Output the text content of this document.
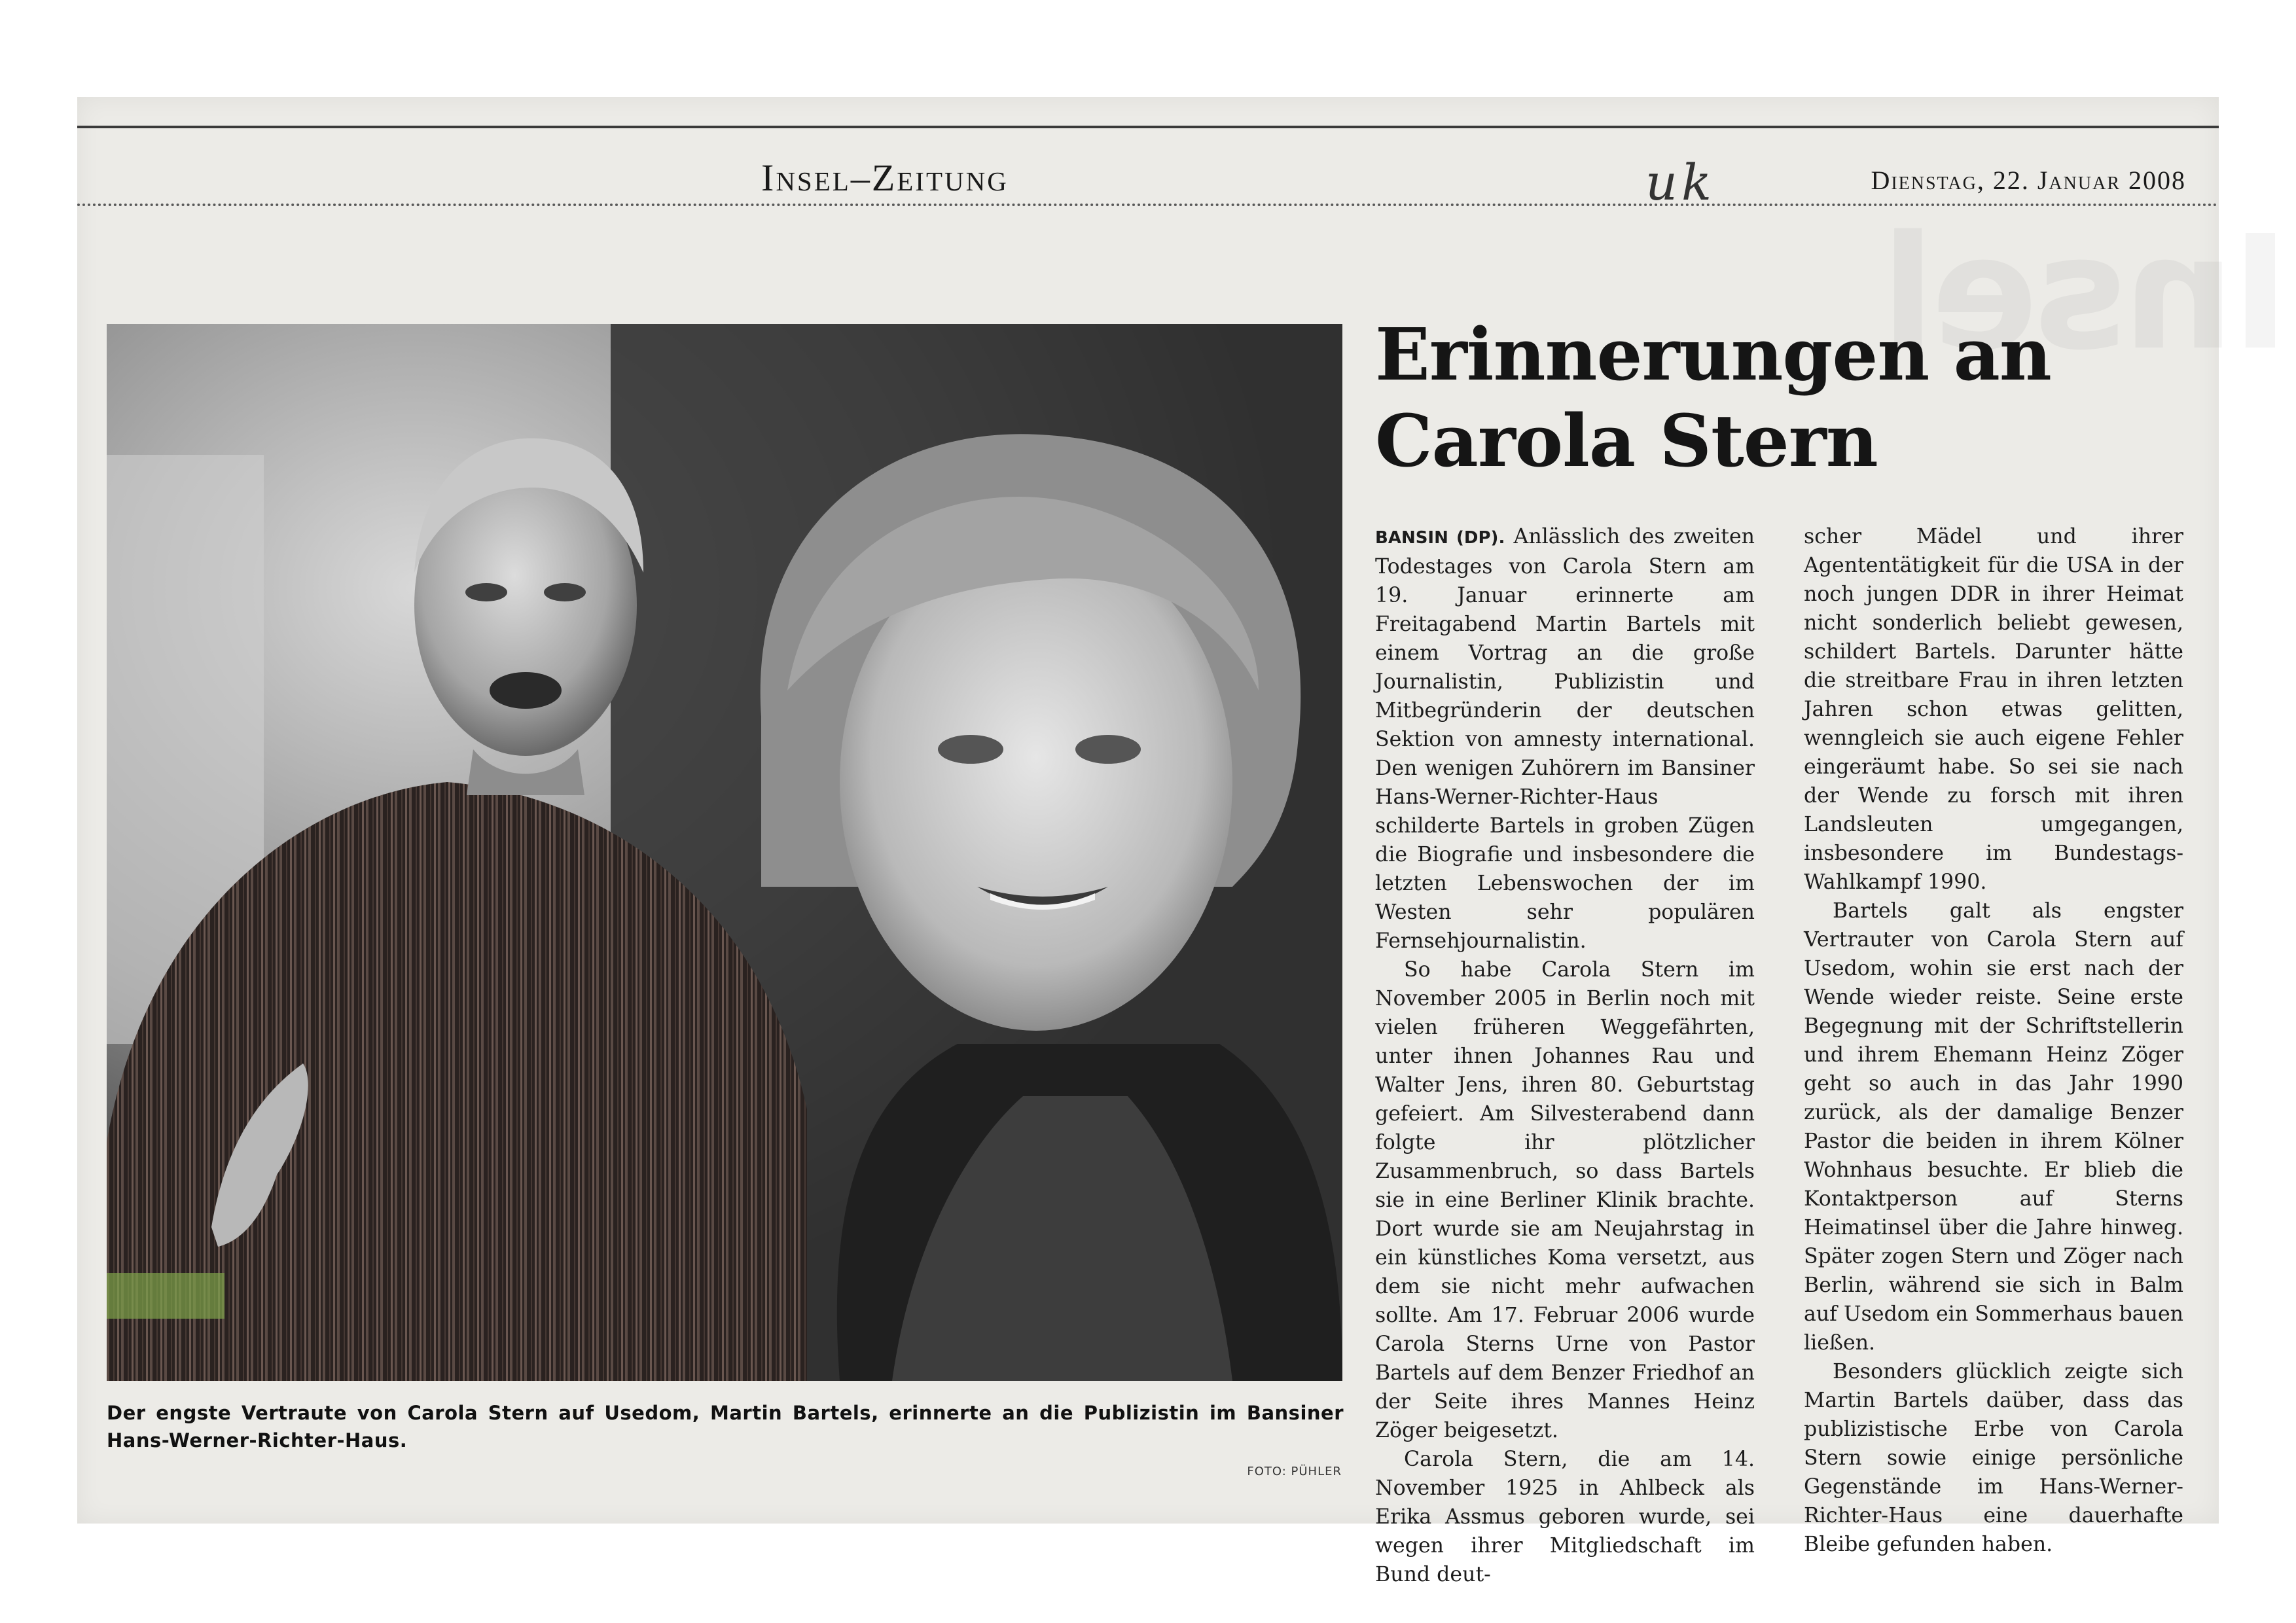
Insel–Zeitung	uk	Dienstag, 22. Januar 2008
Der engste Vertraute von Carola Stern auf Usedom, Martin Bartels, erinnerte an die Publizistin im Bansiner Hans-Werner-Richter-Haus.
FOTO: PÜHLER
Erinnerungen an
Carola Stern

BANSIN (DP). Anlässlich des zweiten Todestages von Carola Stern am 19. Januar erinnerte am Freitagabend Martin Bartels mit einem Vortrag an die große Journalistin, Publizistin und Mitbegründerin der deutschen Sektion von amnesty international. Den wenigen Zuhörern im Bansiner Hans-Werner-Richter-Haus schilderte Bartels in groben Zügen die Biografie und insbesondere die letzten Lebenswochen der im Westen sehr populären Fernsehjournalistin.

So habe Carola Stern im November 2005 in Berlin noch mit vielen früheren Weggefährten, unter ihnen Johannes Rau und Walter Jens, ihren 80. Geburtstag gefeiert. Am Silvesterabend dann folgte ihr plötzlicher Zusammenbruch, so dass Bartels sie in eine Berliner Klinik brachte. Dort wurde sie am Neujahrstag in ein künstliches Koma versetzt, aus dem sie nicht mehr aufwachen sollte. Am 17. Februar 2006 wurde Carola Sterns Urne von Pastor Bartels auf dem Benzer Friedhof an der Seite ihres Mannes Heinz Zöger beigesetzt.

Carola Stern, die am 14. November 1925 in Ahlbeck als Erika Assmus geboren wurde, sei wegen ihrer Mitgliedschaft im Bund deut-

scher Mädel und ihrer Agententätigkeit für die USA in der noch jungen DDR in ihrer Heimat nicht sonderlich beliebt gewesen, schildert Bartels. Darunter hätte die streitbare Frau in ihren letzten Jahren schon etwas gelitten, wenngleich sie auch eigene Fehler eingeräumt habe. So sei sie nach der Wende zu forsch mit ihren Landsleuten umgegangen, insbesondere im Bundestags-Wahlkampf 1990.

Bartels galt als engster Vertrauter von Carola Stern auf Usedom, wohin sie erst nach der Wende wieder reiste. Seine erste Begegnung mit der Schriftstellerin und ihrem Ehemann Heinz Zöger geht so auch in das Jahr 1990 zurück, als der damalige Benzer Pastor die beiden in ihrem Kölner Wohnhaus besuchte. Er blieb die Kontaktperson auf Sterns Heimatinsel über die Jahre hinweg. Später zogen Stern und Zöger nach Berlin, während sie sich in Balm auf Usedom ein Sommerhaus bauen ließen.

Besonders glücklich zeigte sich Martin Bartels daüber, dass das publizistische Erbe von Carola Stern sowie einige persönliche Gegenstände im Hans-Werner-Richter-Haus eine dauerhafte Bleibe gefunden haben.
